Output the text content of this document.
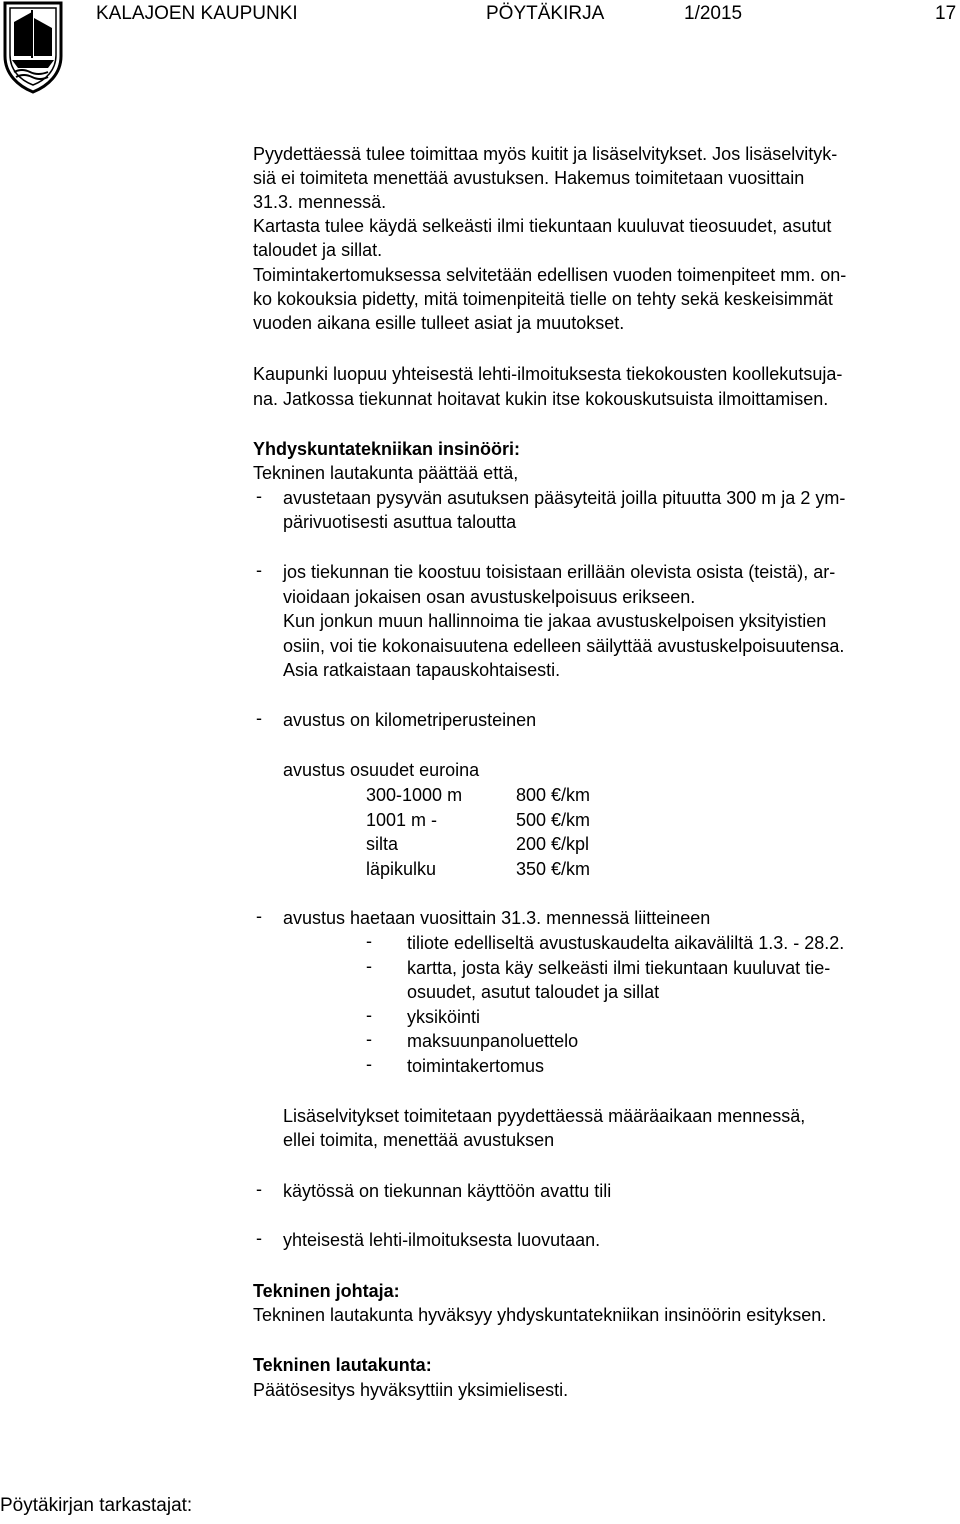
KALAJOEN KAUPUNKI	PÖYTÄKIRJA	1/2015	17
Pyydettäessä tulee toimittaa myös kuitit ja lisäselvitykset. Jos lisäselvityk-
siä ei toimiteta menettää avustuksen. Hakemus toimitetaan vuosittain
31.3. mennessä.
Kartasta tulee käydä selkeästi ilmi tiekuntaan kuuluvat tieosuudet, asutut
taloudet ja sillat.
Toimintakertomuksessa selvitetään edellisen vuoden toimenpiteet mm. on-
ko kokouksia pidetty, mitä toimenpiteitä tielle on tehty sekä keskeisimmät
vuoden aikana esille tulleet asiat ja muutokset.
Kaupunki luopuu yhteisestä lehti-ilmoituksesta tiekokousten koollekutsuja-
na. Jatkossa tiekunnat hoitavat kukin itse kokouskutsuista ilmoittamisen.
Yhdyskuntatekniikan insinööri:
Tekninen lautakunta päättää että,
- avustetaan pysyvän asutuksen pääsyteitä joilla pituutta 300 m ja 2 ym-
pärivuotisesti asuttua taloutta
- jos tiekunnan tie koostuu toisistaan erillään olevista osista (teistä), ar-
vioidaan jokaisen osan avustuskelpoisuus erikseen.
Kun jonkun muun hallinnoima tie jakaa avustuskelpoisen yksityistien
osiin, voi tie kokonaisuutena edelleen säilyttää avustuskelpoisuutensa.
Asia ratkaistaan tapauskohtaisesti.
- avustus on kilometriperusteinen
avustus osuudet euroina
300-1000 m	800 €/km
1001 m -	500 €/km
silta	200 €/kpl
läpikulku	350 €/km
- avustus haetaan vuosittain 31.3. mennessä liitteineen
- tiliote edelliseltä avustuskaudelta aikaväliltä 1.3. - 28.2.
- kartta, josta käy selkeästi ilmi tiekuntaan kuuluvat tie-
osuudet, asutut taloudet ja sillat
- yksiköinti
- maksuunpanoluettelo
- toimintakertomus
Lisäselvitykset toimitetaan pyydettäessä määräaikaan mennessä,
ellei toimita, menettää avustuksen
- käytössä on tiekunnan käyttöön avattu tili
- yhteisestä lehti-ilmoituksesta luovutaan.
Tekninen johtaja:
Tekninen lautakunta hyväksyy yhdyskuntatekniikan insinöörin esityksen.
Tekninen lautakunta:
Päätösesitys hyväksyttiin yksimielisesti.
Pöytäkirjan tarkastajat:
